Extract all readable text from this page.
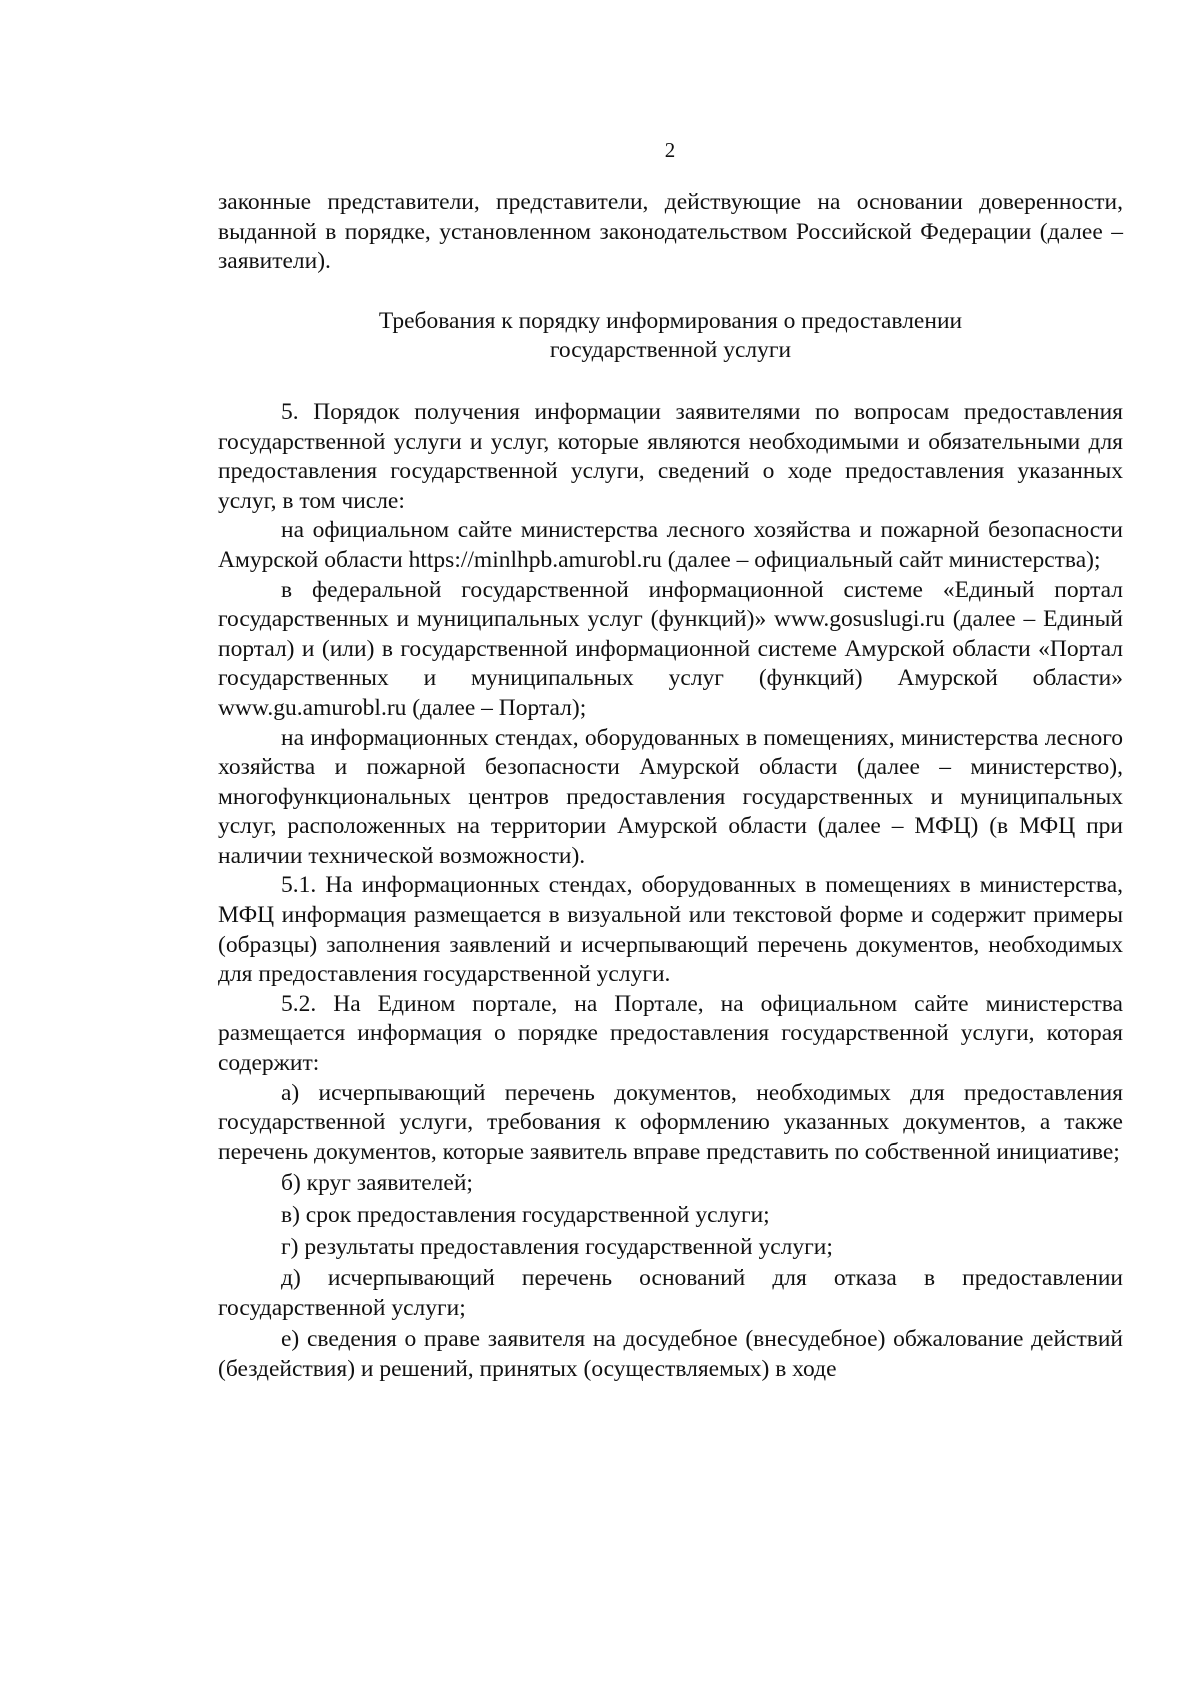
2

законные представители, представители, действующие на основании доверенности, выданной в порядке, установленном законодательством Российской Федерации (далее – заявители).

Требования к порядку информирования о предоставлении
государственной услуги

5. Порядок получения информации заявителями по вопросам предоставления государственной услуги и услуг, которые являются необходимыми и обязательными для предоставления государственной услуги, сведений о ходе предоставления указанных услуг, в том числе:

на официальном сайте министерства лесного хозяйства и пожарной безопасности Амурской области https://minlhpb.amurobl.ru (далее – официальный сайт министерства);

в федеральной государственной информационной системе «Единый портал государственных и муниципальных услуг (функций)» www.gosuslugi.ru (далее – Единый портал) и (или) в государственной информационной системе Амурской области «Портал государственных и муниципальных услуг (функций) Амурской области» www.gu.amurobl.ru (далее – Портал);

на информационных стендах, оборудованных в помещениях, министерства лесного хозяйства и пожарной безопасности Амурской области (далее – министерство), многофункциональных центров предоставления государственных и муниципальных услуг, расположенных на территории Амурской области (далее – МФЦ) (в МФЦ при наличии технической возможности).

5.1. На информационных стендах, оборудованных в помещениях в министерства, МФЦ информация размещается в визуальной или текстовой форме и содержит примеры (образцы) заполнения заявлений и исчерпывающий перечень документов, необходимых для предоставления государственной услуги.

5.2. На Едином портале, на Портале, на официальном сайте министерства размещается информация о порядке предоставления государственной услуги, которая содержит:

а) исчерпывающий перечень документов, необходимых для предоставления государственной услуги, требования к оформлению указанных документов, а также перечень документов, которые заявитель вправе представить по собственной инициативе;

б) круг заявителей;

в) срок предоставления государственной услуги;

г) результаты предоставления государственной услуги;

д) исчерпывающий перечень оснований для отказа в предоставлении государственной услуги;

е) сведения о праве заявителя на досудебное (внесудебное) обжалование действий (бездействия) и решений, принятых (осуществляемых) в ходе
